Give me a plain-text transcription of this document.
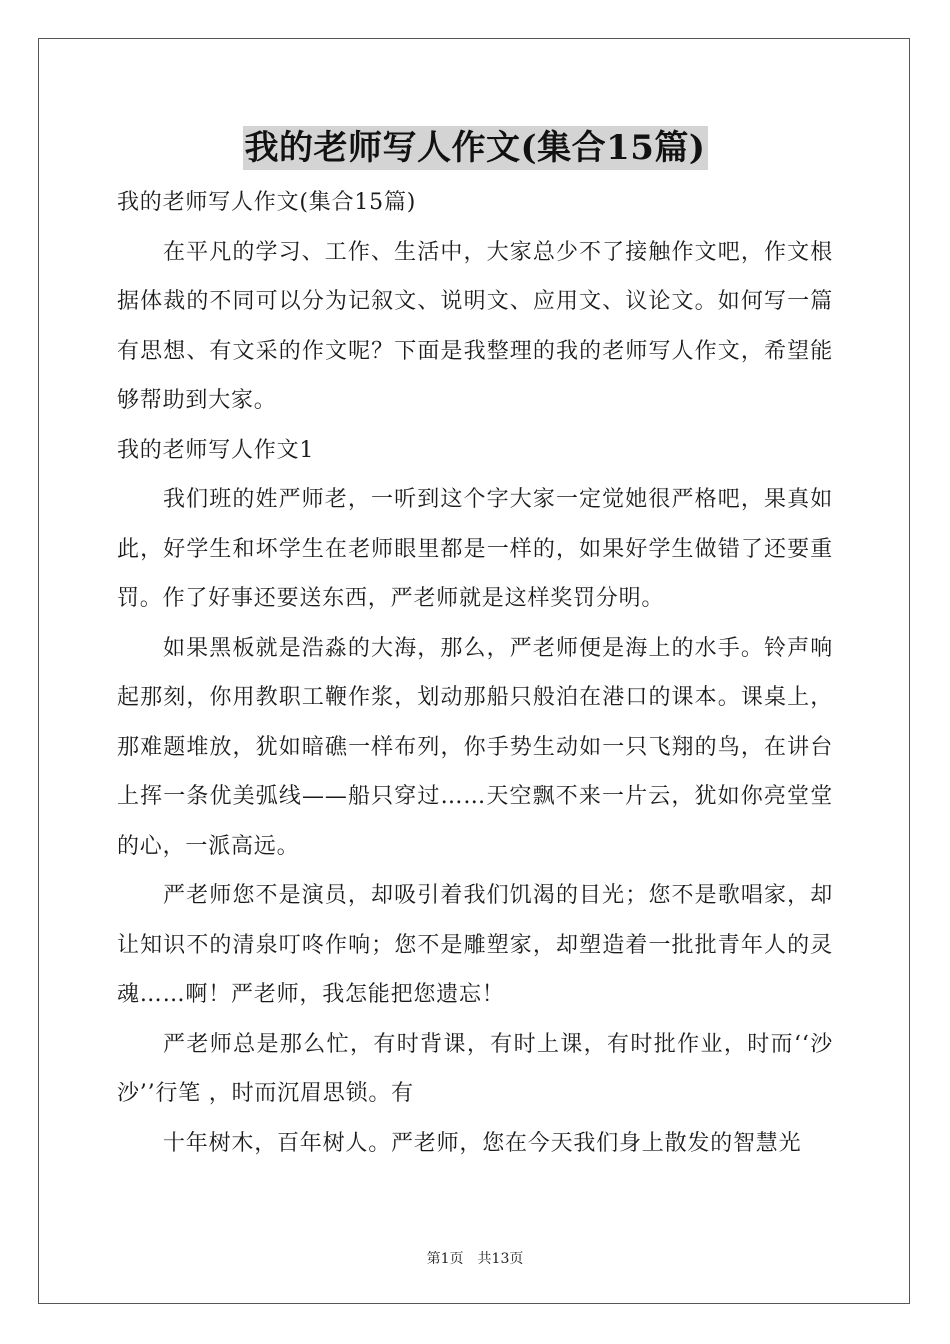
我的老师写人作文(集合15篇)

我的老师写人作文(集合15篇)

在平凡的学习、工作、生活中，大家总少不了接触作文吧，作文根据体裁的不同可以分为记叙文、说明文、应用文、议论文。如何写一篇有思想、有文采的作文呢？下面是我整理的我的老师写人作文，希望能够帮助到大家。

我的老师写人作文1

我们班的姓严师老，一听到这个字大家一定觉她很严格吧，果真如此，好学生和坏学生在老师眼里都是一样的，如果好学生做错了还要重罚。作了好事还要送东西，严老师就是这样奖罚分明。

如果黑板就是浩淼的大海，那么，严老师便是海上的水手。铃声响起那刻，你用教职工鞭作浆，划动那船只般泊在港口的课本。课桌上，那难题堆放，犹如暗礁一样布列，你手势生动如一只飞翔的鸟，在讲台上挥一条优美弧线——船只穿过……天空飘不来一片云，犹如你亮堂堂的心，一派高远。

严老师您不是演员，却吸引着我们饥渴的目光；您不是歌唱家，却让知识不的清泉叮咚作响；您不是雕塑家，却塑造着一批批青年人的灵魂……啊！严老师，我怎能把您遗忘！

严老师总是那么忙，有时背课，有时上课，有时批作业，时而‘‘沙沙’’行笔 ，时而沉眉思锁。有

十年树木，百年树人。严老师，您在今天我们身上散发的智慧光

第1页 共13页
